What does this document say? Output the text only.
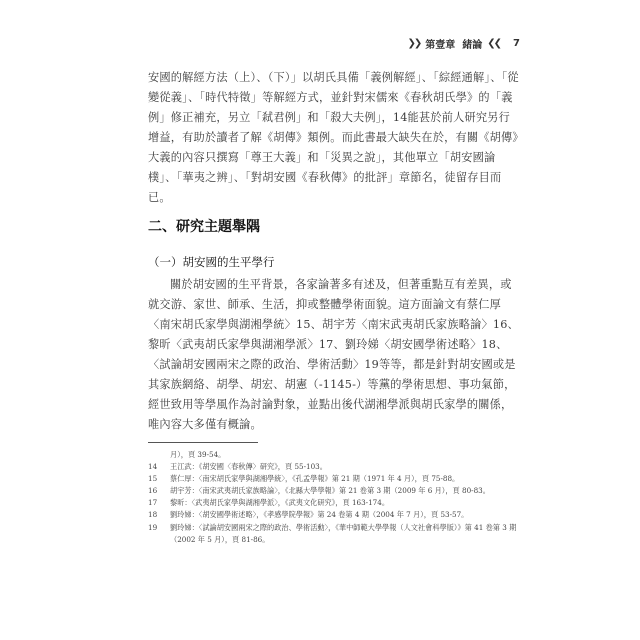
❯❯ 第壹章 緒論 ❮❮ 7

安國的解經方法（上）、（下）」以胡氏具備「義例解經」、「綜經通解」、「從變從義」、「時代特徵」等解經方式，並針對宋儒來《春秋胡氏學》的「義例」修正補充，另立「弒君例」和「殺大夫例」，14能甚於前人研究另行增益，有助於讀者了解《胡傳》類例。而此書最大缺失在於，有關《胡傳》大義的內容只撰寫「尊王大義」和「災異之說」，其他單立「胡安國論樸」、「華夷之辨」、「對胡安國《春秋傳》的批評」章節名，徒留存目而已。

二、研究主題舉隅
（一）胡安國的生平學行

關於胡安國的生平背景，各家論著多有述及，但著重點互有差異，或就交游、家世、師承、生活，抑或整體學術面貌。這方面論文有蔡仁厚〈南宋胡氏家學與湖湘學統〉15、胡宇芳〈南宋武夷胡氏家族略論〉16、黎昕〈武夷胡氏家學與湖湘學派〉17、劉玲娣〈胡安國學術述略〉18、〈試論胡安國兩宋之際的政治、學術活動〉19等等，都是針對胡安國或是其家族網絡、胡學、胡宏、胡憲（-1145-）等黨的學術思想、事功氣節，經世致用等學風作為討論對象，並點出後代湖湘學派與胡氏家學的關係，唯內容大多僅有概論。

月），頁 39-54。
14 王江武：《胡安國〈春秋傳〉研究》，頁 55-103。
15 蔡仁厚：〈南宋胡氏家學與湖湘學統〉，《孔孟學報》第 21 期（1971 年 4 月），頁 75-88。
16 胡宇芳：〈南宋武夷胡氏家族略論〉，《北縣大學學報》第 21 卷第 3 期（2009 年 6 月），頁 80-83。
17 黎昕：〈武夷胡氏家學與湖湘學派〉，《武夷文化研究》，頁 163-174。
18 劉玲娣：〈胡安國學術述略〉，《孝感學院學報》第 24 卷第 4 期（2004 年 7 月），頁 53-57。
19 劉玲娣：〈試論胡安國兩宋之際的政治、學術活動〉，《華中師範大學學報（人文社會科學版）》第 41 卷第 3 期（2002 年 5 月），頁 81-86。
